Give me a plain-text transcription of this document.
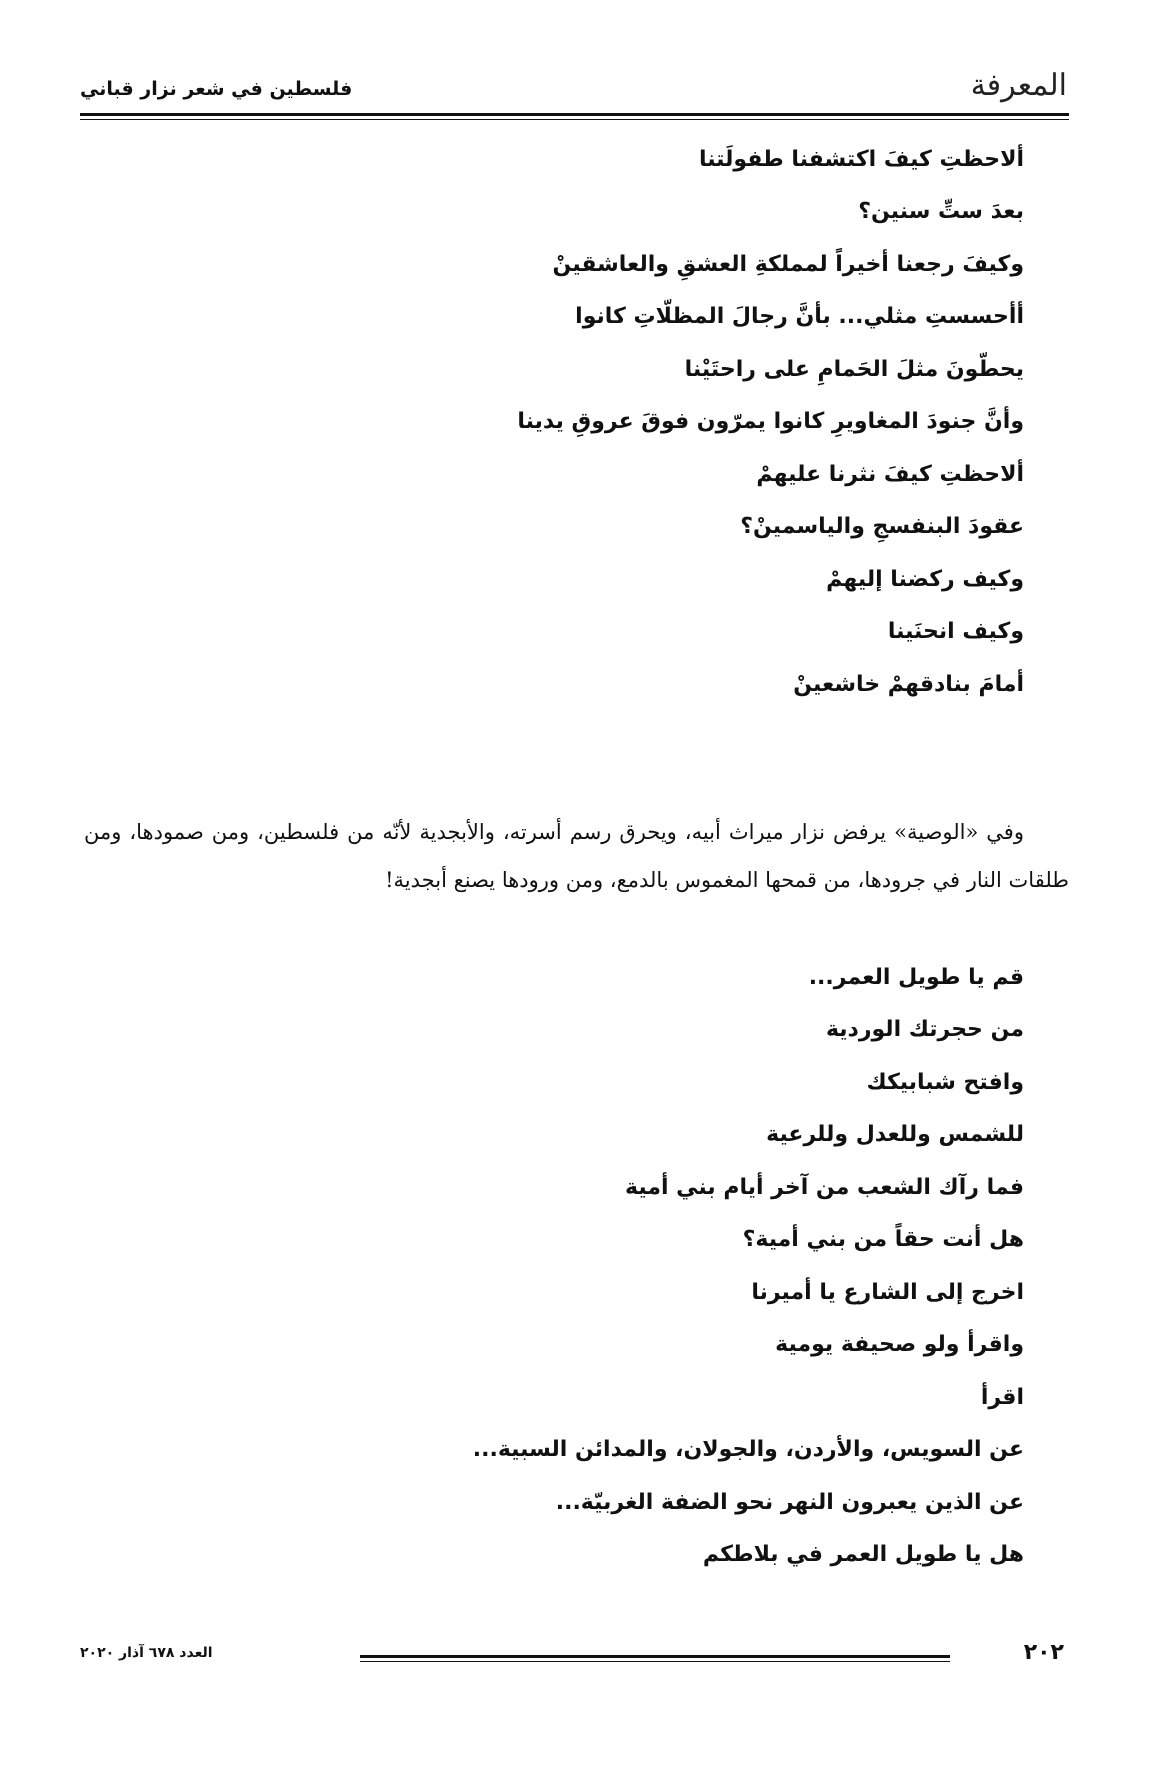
المعرفة
فلسطين في شعر نزار قباني
ألاحظتِ كيفَ اكتشفنا طفولَتنا
بعدَ ستِّ سنين؟
وكيفَ رجعنا أخيراً لمملكةِ العشقِ والعاشقينْ
أأحسستِ مثلي... بأنَّ رجالَ المظلّاتِ كانوا
يحطّونَ مثلَ الحَمامِ على راحتَيْنا
وأنَّ جنودَ المغاويرِ كانوا يمرّون فوقَ عروقِ يدينا
ألاحظتِ كيفَ نثرنا عليهمْ
عقودَ البنفسجِ والياسمينْ؟
وكيف ركضنا إليهمْ
وكيف انحنَينا
أمامَ بنادقهمْ خاشعينْ

وفي «الوصية» يرفض نزار ميراث أبيه، ويحرق رسم أسرته، والأبجدية لأنّه من فلسطين، ومن صمودها، ومن طلقات النار في جرودها، من قمحها المغموس بالدمع، ومن ورودها يصنع أبجدية!

قم يا طويل العمر...
من حجرتك الوردية
وافتح شبابيكك
للشمس وللعدل وللرعية
فما رآك الشعب من آخر أيام بني أمية
هل أنت حقاً من بني أمية؟
اخرج إلى الشارع يا أميرنا
واقرأ ولو صحيفة يومية
اقرأ
عن السويس، والأردن، والجولان، والمدائن السبية...
عن الذين يعبرون النهر نحو الضفة الغربيّة...
هل يا طويل العمر في بلاطكم
٢٠٢
العدد ٦٧٨ آذار ٢٠٢٠
